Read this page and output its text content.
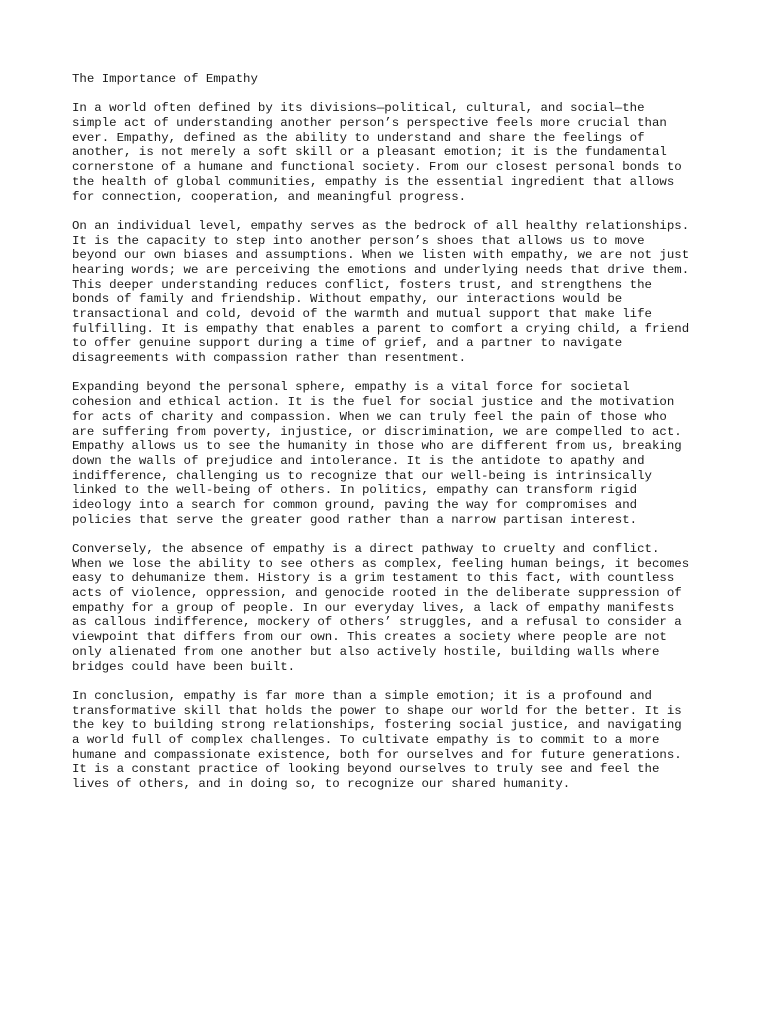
The Importance of Empathy
In a world often defined by its divisions—political, cultural, and social—the
simple act of understanding another person’s perspective feels more crucial than
ever. Empathy, defined as the ability to understand and share the feelings of
another, is not merely a soft skill or a pleasant emotion; it is the fundamental
cornerstone of a humane and functional society. From our closest personal bonds to
the health of global communities, empathy is the essential ingredient that allows
for connection, cooperation, and meaningful progress.
On an individual level, empathy serves as the bedrock of all healthy relationships.
It is the capacity to step into another person’s shoes that allows us to move
beyond our own biases and assumptions. When we listen with empathy, we are not just
hearing words; we are perceiving the emotions and underlying needs that drive them.
This deeper understanding reduces conflict, fosters trust, and strengthens the
bonds of family and friendship. Without empathy, our interactions would be
transactional and cold, devoid of the warmth and mutual support that make life
fulfilling. It is empathy that enables a parent to comfort a crying child, a friend
to offer genuine support during a time of grief, and a partner to navigate
disagreements with compassion rather than resentment.
Expanding beyond the personal sphere, empathy is a vital force for societal
cohesion and ethical action. It is the fuel for social justice and the motivation
for acts of charity and compassion. When we can truly feel the pain of those who
are suffering from poverty, injustice, or discrimination, we are compelled to act.
Empathy allows us to see the humanity in those who are different from us, breaking
down the walls of prejudice and intolerance. It is the antidote to apathy and
indifference, challenging us to recognize that our well-being is intrinsically
linked to the well-being of others. In politics, empathy can transform rigid
ideology into a search for common ground, paving the way for compromises and
policies that serve the greater good rather than a narrow partisan interest.
Conversely, the absence of empathy is a direct pathway to cruelty and conflict.
When we lose the ability to see others as complex, feeling human beings, it becomes
easy to dehumanize them. History is a grim testament to this fact, with countless
acts of violence, oppression, and genocide rooted in the deliberate suppression of
empathy for a group of people. In our everyday lives, a lack of empathy manifests
as callous indifference, mockery of others’ struggles, and a refusal to consider a
viewpoint that differs from our own. This creates a society where people are not
only alienated from one another but also actively hostile, building walls where
bridges could have been built.
In conclusion, empathy is far more than a simple emotion; it is a profound and
transformative skill that holds the power to shape our world for the better. It is
the key to building strong relationships, fostering social justice, and navigating
a world full of complex challenges. To cultivate empathy is to commit to a more
humane and compassionate existence, both for ourselves and for future generations.
It is a constant practice of looking beyond ourselves to truly see and feel the
lives of others, and in doing so, to recognize our shared humanity.
